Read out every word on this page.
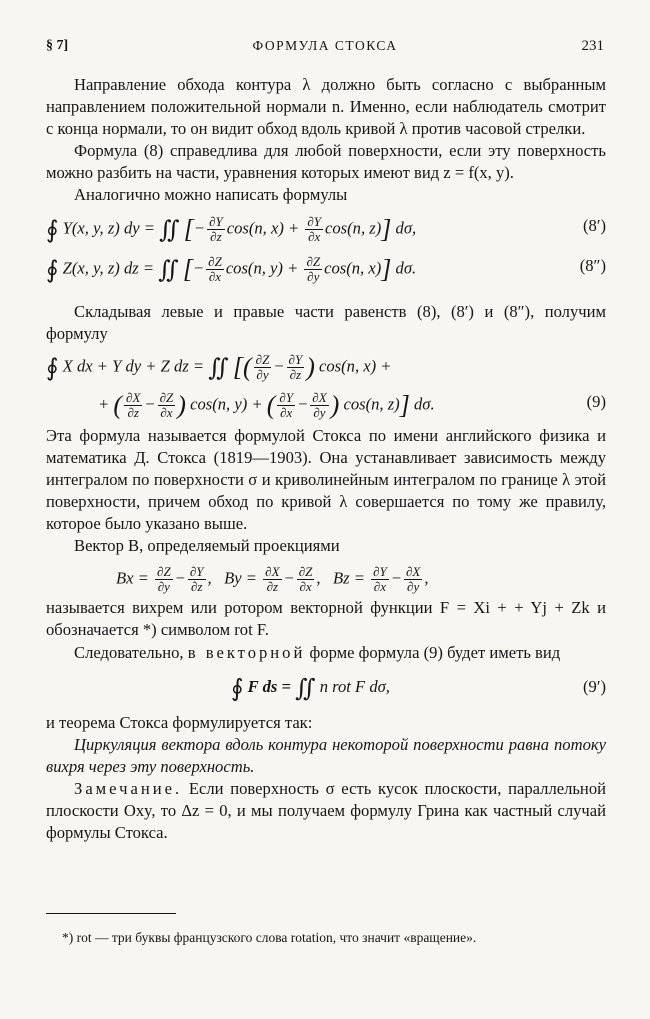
§ 7]	ФОРМУЛА СТОКСА	231

Направление обхода контура λ должно быть согласно с выбранным направлением положительной нормали n. Именно, если наблюдатель смотрит с конца нормали, то он видит обход вдоль кривой λ против часовой стрелки.

Формула (8) справедлива для любой поверхности, если эту поверхность можно разбить на части, уравнения которых имеют вид z = f(x, y).

Аналогично можно написать формулы

∮ Y(x, y, z) dy = ∬ [− $\frac{\partial Y}{\partial z} \cos(n$, $x) + \frac{\partial Y}{\partial x} \cos(n$, z)] dσ,	(8′)
∮ Z(x, y, z) dz = ∬ [− $\frac{\partial Z}{\partial x} \cos(n$, $y) + \frac{\partial Z}{\partial y} \cos(n$, x)] dσ.	(8″)

Складывая левые и правые части равенств (8), (8′) и (8″), получим формулу

∮ X dx + Y dy + Z dz = ∬ [( $\frac{\partial Z}{\partial y} - \frac{\partial Y}{\partial z}$ ) cos(n, x) +
+ ( $\frac{\partial X}{\partial z} - \frac{\partial Z}{\partial x}$ ) cos(n, y) + ( $\frac{\partial Y}{\partial x} - \frac{\partial X}{\partial y}$ ) cos(n, z)] dσ.	(9)

Эта формула называется формулой Стокса по имени английского физика и математика Д. Стокса (1819—1903). Она устанавливает зависимость между интегралом по поверхности σ и криволинейным интегралом по границе λ этой поверхности, причем обход по кривой λ совершается по тому же правилу, которое было указано выше.

Вектор B, определяемый проекциями

$Bx = \frac{\partial Z}{\partial y} - \frac{\partial Y}{\partial z}$ ,   $By = \frac{\partial X}{\partial z} - \frac{\partial Z}{\partial x}$ ,   $Bz = \frac{\partial Y}{\partial x} - \frac{\partial X}{\partial y}$ ,

называется вихрем или ротором векторной функции F = Xi + + Yj + Zk и обозначается *) символом rot F.

Следовательно, в векторной форме формула (9) будет иметь вид

∮ F ds = ∬ n rot F dσ,	(9′)

и теорема Стокса формулируется так:

Циркуляция вектора вдоль контура некоторой поверхности равна потоку вихря через эту поверхность.

Замечание. Если поверхность σ есть кусок плоскости, параллельной плоскости Oxy, то Δz = 0, и мы получаем формулу Грина как частный случай формулы Стокса.

*) rot — три буквы французского слова rotation, что значит «вращение».
